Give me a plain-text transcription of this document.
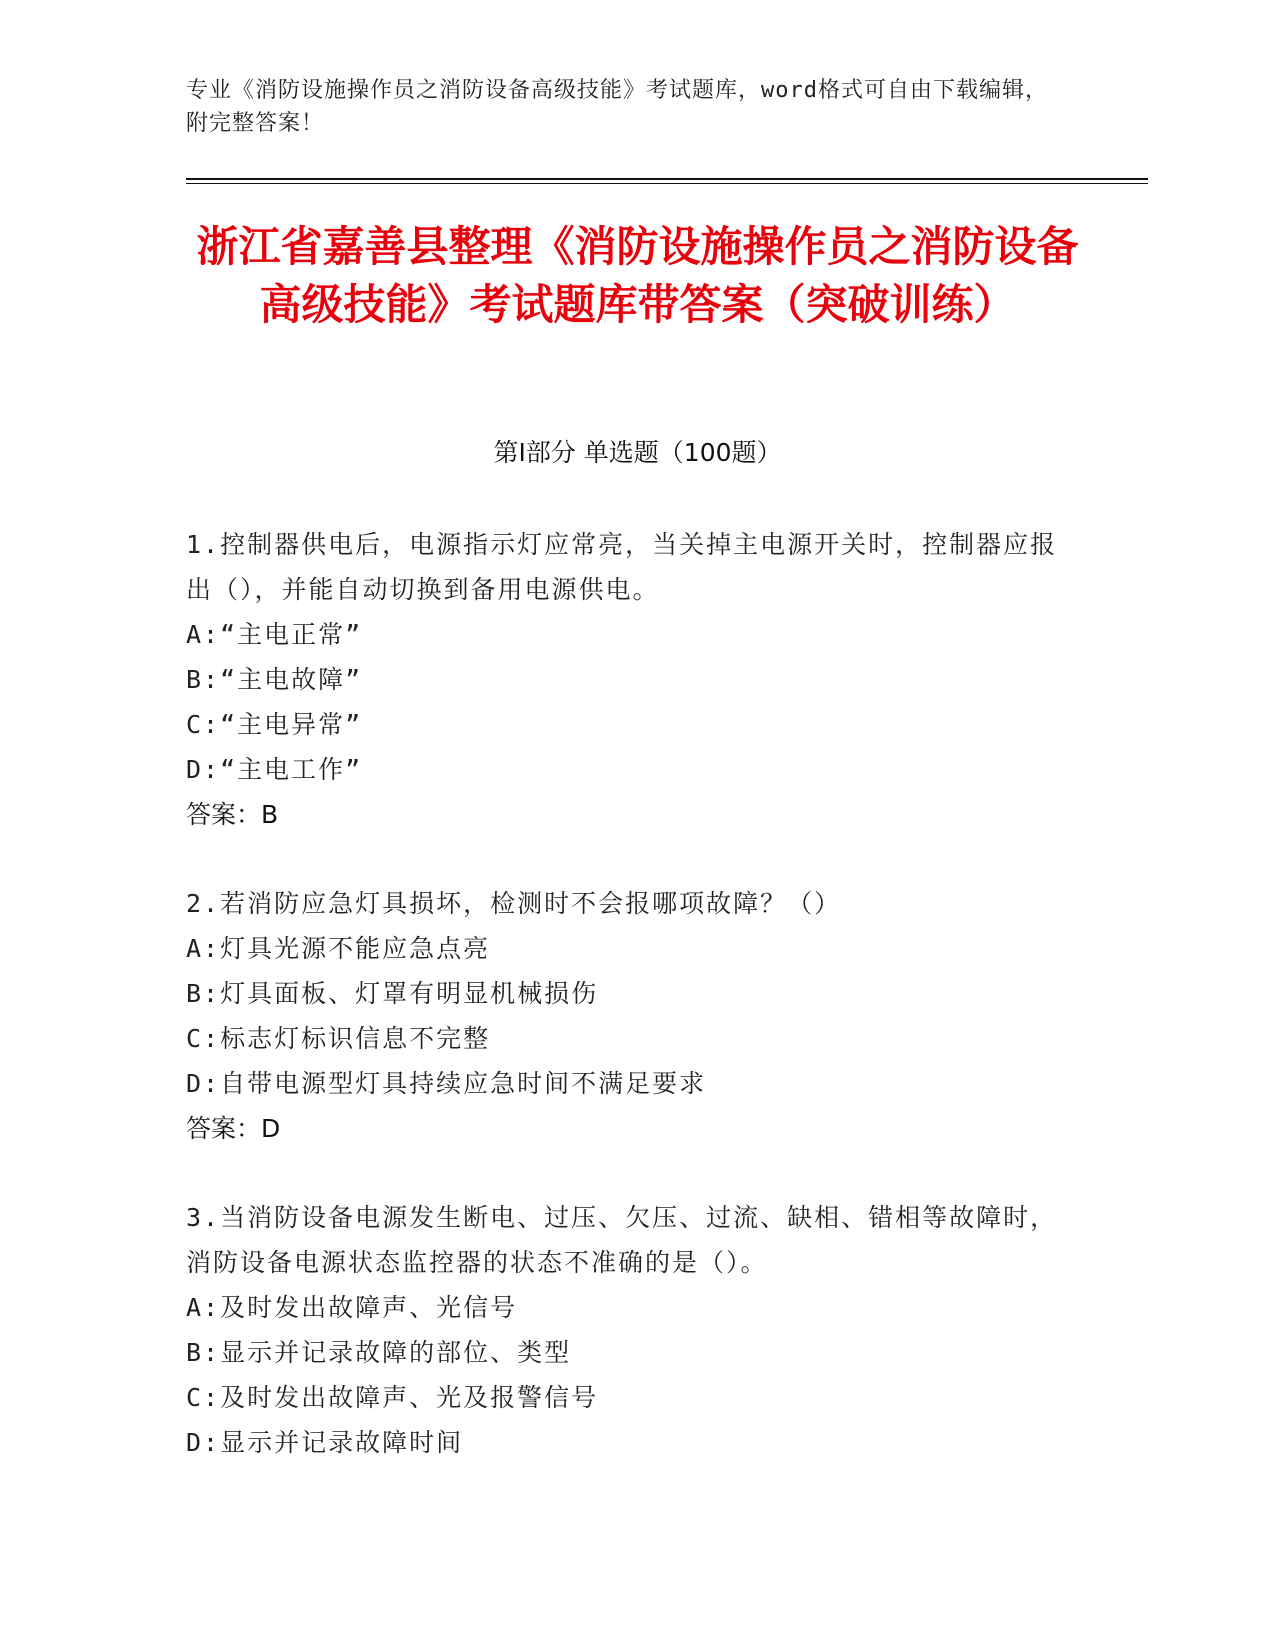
专业《消防设施操作员之消防设备高级技能》考试题库，word格式可自由下载编辑，附完整答案！
浙江省嘉善县整理《消防设施操作员之消防设备高级技能》考试题库带答案（突破训练）
第I部分 单选题（100题）
1.控制器供电后，电源指示灯应常亮，当关掉主电源开关时，控制器应报出（），并能自动切换到备用电源供电。
A:“主电正常”
B:“主电故障”
C:“主电异常”
D:“主电工作”
答案：B
2.若消防应急灯具损坏，检测时不会报哪项故障？（）
A:灯具光源不能应急点亮
B:灯具面板、灯罩有明显机械损伤
C:标志灯标识信息不完整
D:自带电源型灯具持续应急时间不满足要求
答案：D
3.当消防设备电源发生断电、过压、欠压、过流、缺相、错相等故障时，消防设备电源状态监控器的状态不准确的是（）。
A:及时发出故障声、光信号
B:显示并记录故障的部位、类型
C:及时发出故障声、光及报警信号
D:显示并记录故障时间
